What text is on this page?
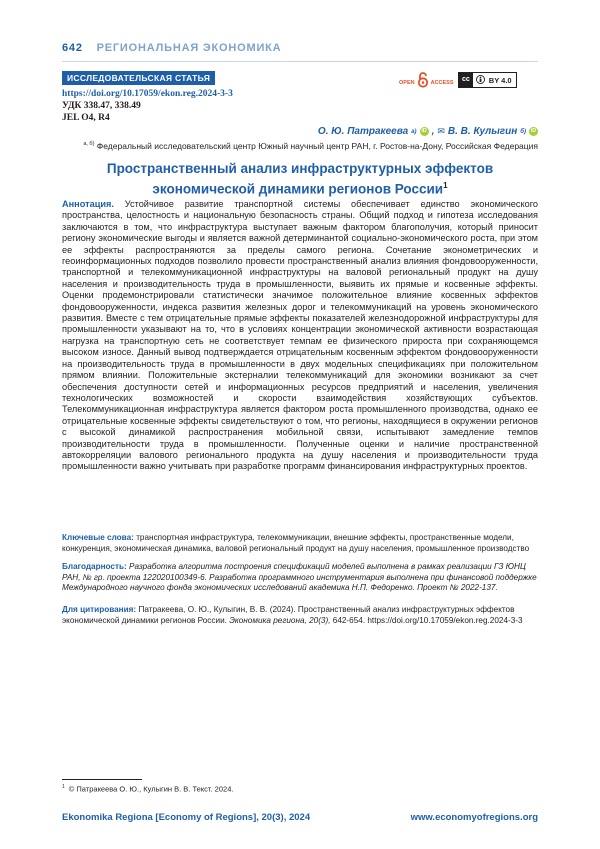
642 РЕГИОНАЛЬНАЯ ЭКОНОМИКА
ИССЛЕДОВАТЕЛЬСКАЯ СТАТЬЯ
https://doi.org/10.17059/ekon.reg.2024-3-3
УДК 338.47, 338.49
JEL O4, R4
OPEN	ACCESS	cc	BY 4.0
О. Ю. Патракеева a) iD , ✉ В. В. Кулыгин б) iD
$^{а, б)}$ Федеральный исследовательский центр Южный научный центр РАН, г. Ростов-на-Дону, Российская Федерация
Пространственный анализ инфраструктурных эффектов экономической динамики регионов России$^1$
Аннотация. Устойчивое развитие транспортной системы обеспечивает единство экономического пространства, целостность и национальную безопасность страны. Общий подход и гипотеза исследования заключаются в том, что инфраструктура выступает важным фактором благополучия, который приносит региону экономические выгоды и является важной детерминантой социально-экономического роста, при этом ее эффекты распространяются за пределы самого региона. Сочетание эконометрических и геоинформационных подходов позволило провести пространственный анализ влияния фондовооруженности, транспортной и телекоммуникационной инфраструктуры на валовой региональный продукт на душу населения и производительность труда в промышленности, выявить их прямые и косвенные эффекты. Оценки продемонстрировали статистически значимое положительное влияние косвенных эффектов фондовооруженности, индекса развития железных дорог и телекоммуникаций на уровень экономического развития. Вместе с тем отрицательные прямые эффекты показателей железнодорожной инфраструктуры для промышленности указывают на то, что в условиях концентрации экономической активности возрастающая нагрузка на транспортную сеть не соответствует темпам ее физического прироста при сохраняющемся высоком износе. Данный вывод подтверждается отрицательным косвенным эффектом фондовооруженности на производительность труда в промышленности в двух модельных спецификациях при положительном прямом влиянии. Положительные экстерналии телекоммуникаций для экономики возникают за счет обеспечения доступности сетей и информационных ресурсов предприятий и населения, увеличения технологических возможностей и скорости взаимодействия хозяйствующих субъектов. Телекоммуникационная инфраструктура является фактором роста промышленного производства, однако ее отрицательные косвенные эффекты свидетельствуют о том, что регионы, находящиеся в окружении регионов с высокой динамикой распространения мобильной связи, испытывают замедление темпов производительности труда в промышленности. Полученные оценки и наличие пространственной автокорреляции валового регионального продукта на душу населения и производительности труда промышленности важно учитывать при разработке программ финансирования инфраструктурных проектов.
Ключевые слова: транспортная инфраструктура, телекоммуникации, внешние эффекты, пространственные модели, конкуренция, экономическая динамика, валовой региональный продукт на душу населения, промышленное производство
Благодарность: Разработка алгоритма построения спецификаций моделей выполнена в рамках реализации ГЗ ЮНЦ РАН, № гр. проекта 122020100349-6. Разработка программного инструментария выполнена при финансовой поддержке Международного научного фонда экономических исследований академика Н.П. Федоренко. Проект № 2022-137.
Для цитирования: Патракеева, О. Ю., Кулыгин, В. В. (2024). Пространственный анализ инфраструктурных эффектов экономической динамики регионов России. Экономика региона, 20(3), 642-654. https://doi.org/10.17059/ekon.reg.2024-3-3
$^1$ © Патракеева О. Ю., Кулыгин В. В. Текст. 2024.
Ekonomika Regiona [Economy of Regions], 20(3), 2024	www.economyofregions.org
